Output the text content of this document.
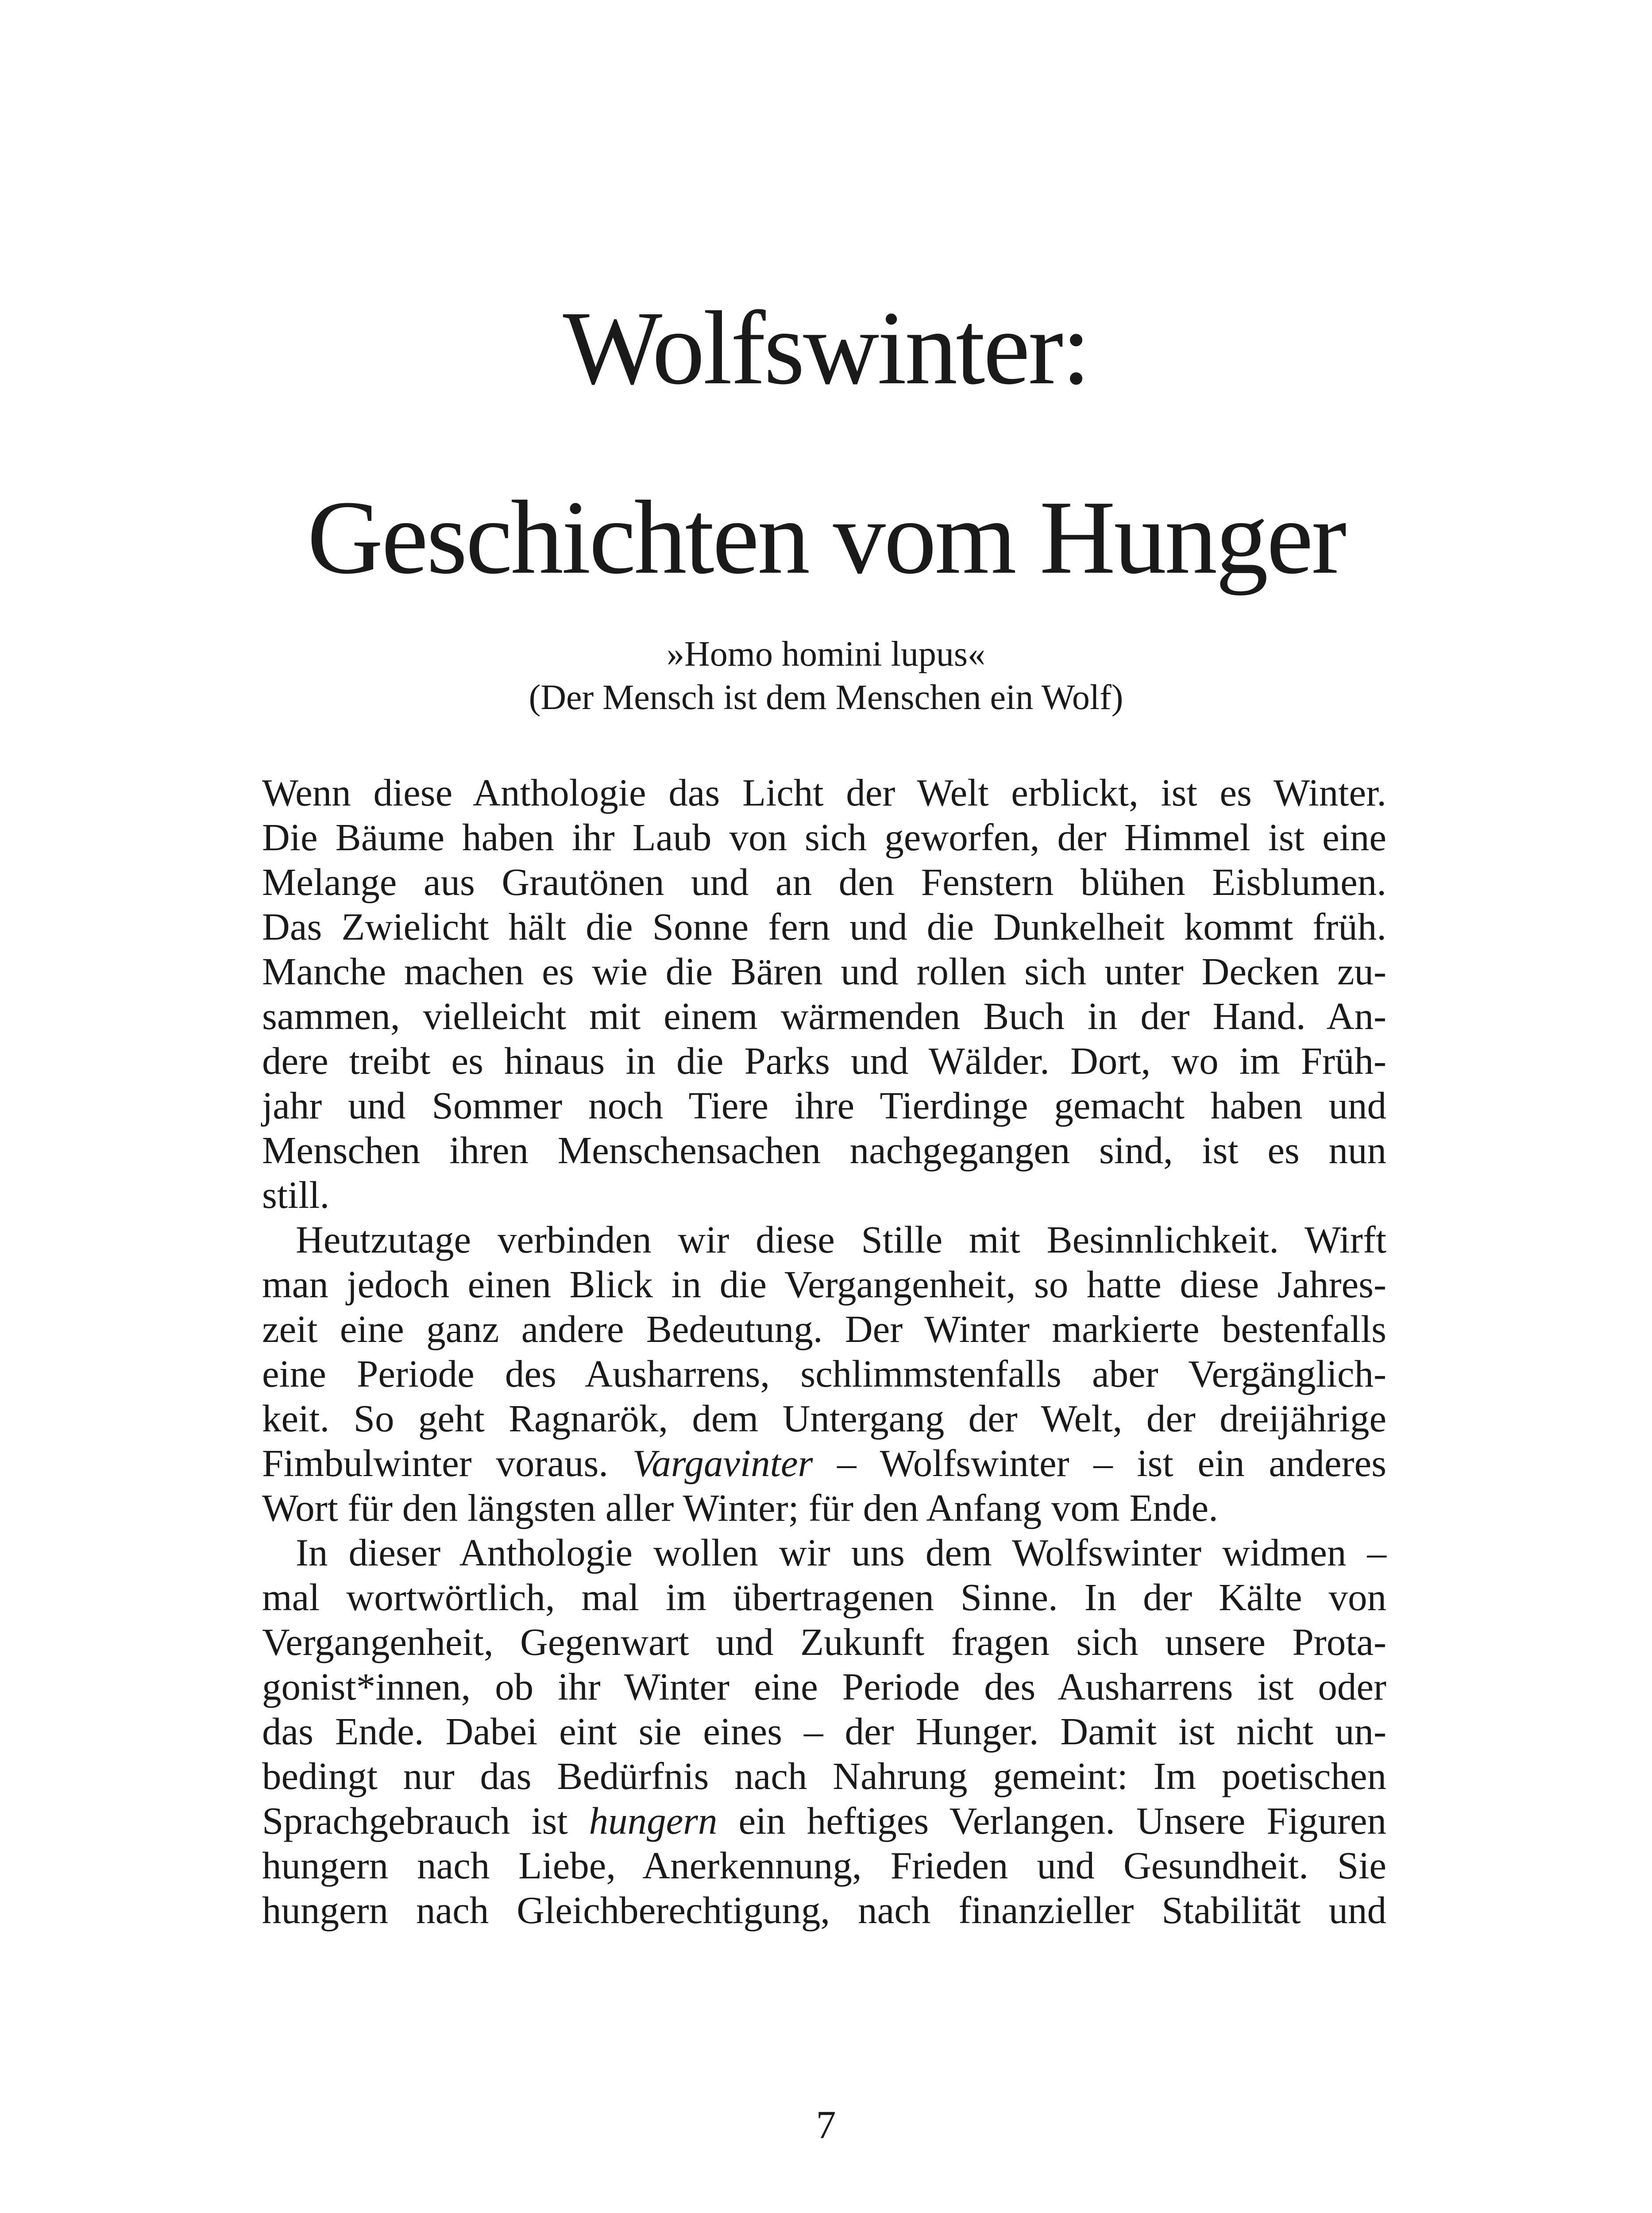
Wolfswinter:
Geschichten vom Hunger
»Homo homini lupus«
(Der Mensch ist dem Menschen ein Wolf)
Wenn diese Anthologie das Licht der Welt erblickt, ist es Winter.
Die Bäume haben ihr Laub von sich geworfen, der Himmel ist eine
Melange aus Grautönen und an den Fenstern blühen Eisblumen.
Das Zwielicht hält die Sonne fern und die Dunkelheit kommt früh.
Manche machen es wie die Bären und rollen sich unter Decken zu-
sammen, vielleicht mit einem wärmenden Buch in der Hand. An-
dere treibt es hinaus in die Parks und Wälder. Dort, wo im Früh-
jahr und Sommer noch Tiere ihre Tierdinge gemacht haben und
Menschen ihren Menschensachen nachgegangen sind, ist es nun
still.
Heutzutage verbinden wir diese Stille mit Besinnlichkeit. Wirft
man jedoch einen Blick in die Vergangenheit, so hatte diese Jahres-
zeit eine ganz andere Bedeutung. Der Winter markierte bestenfalls
eine Periode des Ausharrens, schlimmstenfalls aber Vergänglich-
keit. So geht Ragnarök, dem Untergang der Welt, der dreijährige
Fimbulwinter voraus. Vargavinter – Wolfswinter – ist ein anderes
Wort für den längsten aller Winter; für den Anfang vom Ende.
In dieser Anthologie wollen wir uns dem Wolfswinter widmen –
mal wortwörtlich, mal im übertragenen Sinne. In der Kälte von
Vergangenheit, Gegenwart und Zukunft fragen sich unsere Prota-
gonist*innen, ob ihr Winter eine Periode des Ausharrens ist oder
das Ende. Dabei eint sie eines – der Hunger. Damit ist nicht un-
bedingt nur das Bedürfnis nach Nahrung gemeint: Im poetischen
Sprachgebrauch ist hungern ein heftiges Verlangen. Unsere Figuren
hungern nach Liebe, Anerkennung, Frieden und Gesundheit. Sie
hungern nach Gleichberechtigung, nach finanzieller Stabilität und
7
